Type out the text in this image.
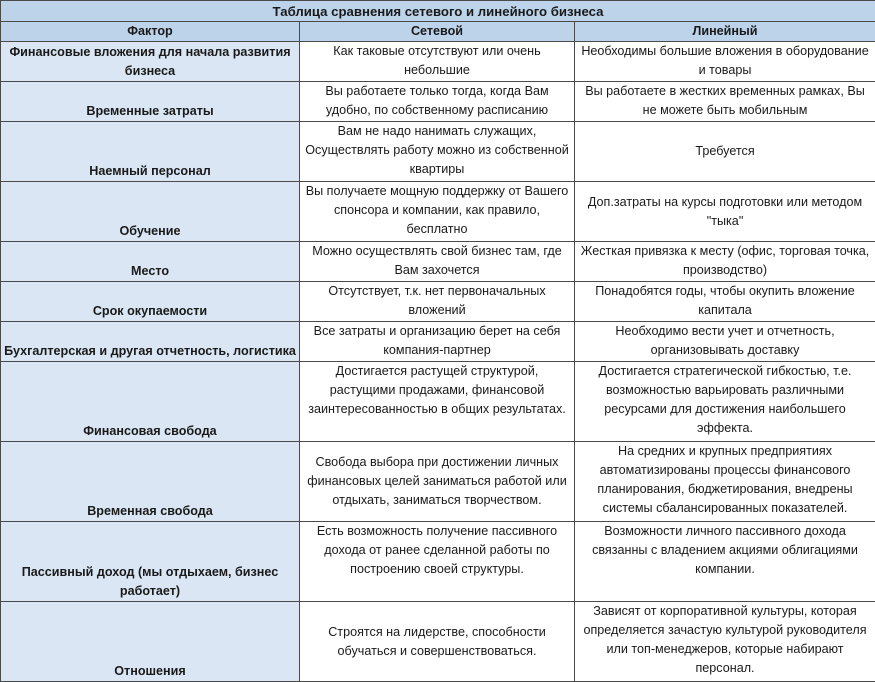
Таблица сравнения сетевого и линейного бизнеса		
Фактор	Сетевой	Линейный
Финансовые вложения для начала развития бизнеса	Как таковые отсутствуют или очень небольшие	Необходимы большие вложения в оборудование и товары
Временные затраты	Вы работаете только тогда, когда Вам удобно, по собственному расписанию	Вы работаете в жестких временных рамках, Вы не можете быть мобильным
Наемный персонал	Вам не надо нанимать служащих, Осуществлять работу можно из собственной квартиры	Требуется
Обучение	Вы получаете мощную поддержку от Вашего спонсора и компании, как правило, бесплатно	Доп.затраты на курсы подготовки или методом "тыка"
Место	Можно осуществлять свой бизнес там, где Вам захочется	Жесткая привязка к месту (офис, торговая точка, производство)
Срок окупаемости	Отсутствует, т.к. нет первоначальных вложений	Понадобятся годы, чтобы окупить вложение капитала
Бухгалтерская и другая отчетность, логистика	Все затраты и организацию берет на себя компания-партнер	Необходимо вести учет и отчетность, организовывать доставку
Финансовая свобода	Достигается растущей структурой, растущими продажами, финансовой заинтересованностью в общих результатах.	Достигается стратегической гибкостью, т.е. возможностью варьировать различными ресурсами для достижения наибольшего эффекта.
Временная свобода	Свобода выбора при достижении личных финансовых целей заниматься работой или отдыхать, заниматься творчеством.	На средних и крупных предприятиях автоматизированы процессы финансового планирования, бюджетирования, внедрены системы сбалансированных показателей.
Пассивный доход (мы отдыхаем, бизнес работает)	Есть возможность получение пассивного дохода от ранее сделанной работы по построению своей структуры.	Возможности личного пассивного дохода связанны с владением акциями облигациями компании.
Отношения	Строятся на лидерстве, способности обучаться и совершенствоваться.	Зависят от корпоративной культуры, которая определяется зачастую культурой руководителя или топ-менеджеров, которые набирают персонал.
